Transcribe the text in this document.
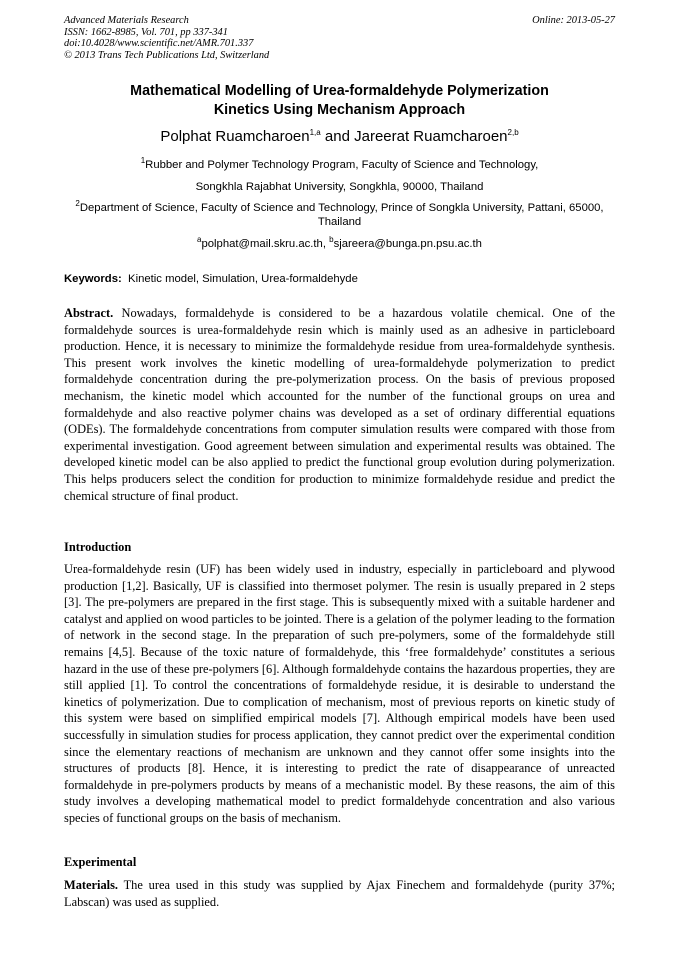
Advanced Materials Research
ISSN: 1662-8985, Vol. 701, pp 337-341
doi:10.4028/www.scientific.net/AMR.701.337
© 2013 Trans Tech Publications Ltd, Switzerland
Online: 2013-05-27
Mathematical Modelling of Urea-formaldehyde Polymerization
Kinetics Using Mechanism Approach
Polphat Ruamcharoen$^{1,a}$ and Jareerat Ruamcharoen$^{2,b}$
$^1$Rubber and Polymer Technology Program, Faculty of Science and Technology,
Songkhla Rajabhat University, Songkhla, 90000, Thailand
$^2$Department of Science, Faculty of Science and Technology, Prince of Songkla University, Pattani, 65000, Thailand
$^a$polphat@mail.skru.ac.th, $^b$sjareera@bunga.pn.psu.ac.th
Keywords: Kinetic model, Simulation, Urea-formaldehyde
Abstract. Nowadays, formaldehyde is considered to be a hazardous volatile chemical. One of the formaldehyde sources is urea-formaldehyde resin which is mainly used as an adhesive in particleboard production. Hence, it is necessary to minimize the formaldehyde residue from urea-formaldehyde synthesis. This present work involves the kinetic modelling of urea-formaldehyde polymerization to predict formaldehyde concentration during the pre-polymerization process. On the basis of previous proposed mechanism, the kinetic model which accounted for the number of the functional groups on urea and formaldehyde and also reactive polymer chains was developed as a set of ordinary differential equations (ODEs). The formaldehyde concentrations from computer simulation results were compared with those from experimental investigation. Good agreement between simulation and experimental results was obtained. The developed kinetic model can be also applied to predict the functional group evolution during polymerization. This helps producers select the condition for production to minimize formaldehyde residue and predict the chemical structure of final product.
Introduction
Urea-formaldehyde resin (UF) has been widely used in industry, especially in particleboard and plywood production [1,2]. Basically, UF is classified into thermoset polymer. The resin is usually prepared in 2 steps [3]. The pre-polymers are prepared in the first stage. This is subsequently mixed with a suitable hardener and catalyst and applied on wood particles to be jointed. There is a gelation of the polymer leading to the formation of network in the second stage. In the preparation of such pre-polymers, some of the formaldehyde still remains [4,5]. Because of the toxic nature of formaldehyde, this ‘free formaldehyde’ constitutes a serious hazard in the use of these pre-polymers [6]. Although formaldehyde contains the hazardous properties, they are still applied [1]. To control the concentrations of formaldehyde residue, it is desirable to understand the kinetics of polymerization. Due to complication of mechanism, most of previous reports on kinetic study of this system were based on simplified empirical models [7]. Although empirical models have been used successfully in simulation studies for process application, they cannot predict over the experimental condition since the elementary reactions of mechanism are unknown and they cannot offer some insights into the structures of products [8]. Hence, it is interesting to predict the rate of disappearance of unreacted formaldehyde in pre-polymers products by means of a mechanistic model. By these reasons, the aim of this study involves a developing mathematical model to predict formaldehyde concentration and also various species of functional groups on the basis of mechanism.
Experimental
Materials. The urea used in this study was supplied by Ajax Finechem and formaldehyde (purity 37%; Labscan) was used as supplied.
